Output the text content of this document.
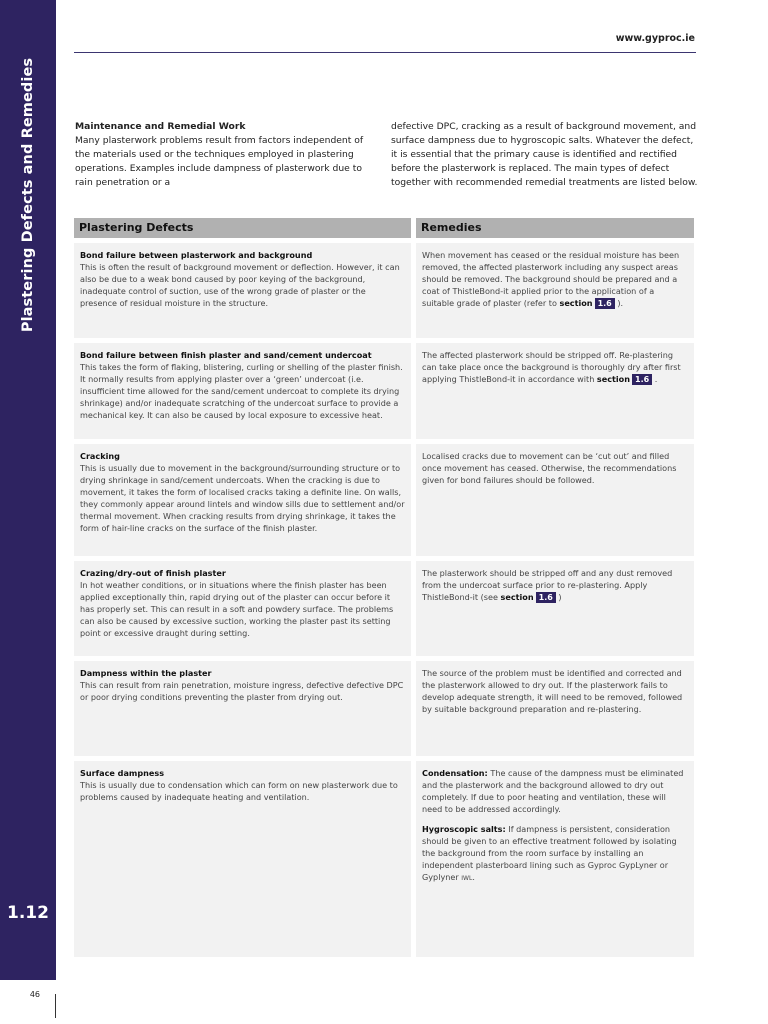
Plastering Defects and Remedies
1.12
46
www.gyproc.ie
Maintenance and Remedial Work
Many plasterwork problems result from factors independent of the materials used or the techniques employed in plastering operations. Examples include dampness of plasterwork due to rain penetration or a
defective DPC, cracking as a result of background movement, and surface dampness due to hygroscopic salts. Whatever the defect, it is essential that the primary cause is identified and rectified before the plasterwork is replaced. The main types of defect together with recommended remedial treatments are listed below.
Plastering Defects	Remedies
Bond failure between plasterwork and background
This is often the result of background movement or deflection. However, it can also be due to a weak bond caused by poor keying of the background, inadequate control of suction, use of the wrong grade of plaster or the presence of residual moisture in the structure.
When movement has ceased or the residual moisture has been removed, the affected plasterwork including any suspect areas should be removed. The background should be prepared and a coat of ThistleBond-it applied prior to the application of a suitable grade of plaster (refer to section 1.6 ).
Bond failure between finish plaster and sand/cement undercoat
This takes the form of flaking, blistering, curling or shelling of the plaster finish. It normally results from applying plaster over a ‘green’ undercoat (i.e. insufficient time allowed for the sand/cement undercoat to complete its drying shrinkage) and/or inadequate scratching of the undercoat surface to provide a mechanical key. It can also be caused by local exposure to excessive heat.
The affected plasterwork should be stripped off. Re-plastering can take place once the background is thoroughly dry after first applying ThistleBond-it in accordance with section 1.6 .
Cracking
This is usually due to movement in the background/surrounding structure or to drying shrinkage in sand/cement undercoats. When the cracking is due to movement, it takes the form of localised cracks taking a definite line. On walls, they commonly appear around lintels and window sills due to settlement and/or thermal movement. When cracking results from drying shrinkage, it takes the form of hair-line cracks on the surface of the finish plaster.
Localised cracks due to movement can be ‘cut out’ and filled once movement has ceased. Otherwise, the recommendations given for bond failures should be followed.
Crazing/dry-out of finish plaster
In hot weather conditions, or in situations where the finish plaster has been applied exceptionally thin, rapid drying out of the plaster can occur before it has properly set. This can result in a soft and powdery surface. The problems can also be caused by excessive suction, working the plaster past its setting point or excessive draught during setting.
The plasterwork should be stripped off and any dust removed from the undercoat surface prior to re-plastering. Apply ThistleBond-it (see section 1.6 )
Dampness within the plaster
This can result from rain penetration, moisture ingress, defective defective DPC or poor drying conditions preventing the plaster from drying out.
The source of the problem must be identified and corrected and the plasterwork allowed to dry out. If the plasterwork fails to develop adequate strength, it will need to be removed, followed by suitable background preparation and re-plastering.
Surface dampness
This is usually due to condensation which can form on new plasterwork due to problems caused by inadequate heating and ventilation.
Condensation: The cause of the dampness must be eliminated and the plasterwork and the background allowed to dry out completely. If due to poor heating and ventilation, these will need to be addressed accordingly.
Hygroscopic salts: If dampness is persistent, consideration should be given to an effective treatment followed by isolating the background from the room surface by installing an independent plasterboard lining such as Gyproc GypLyner or Gyplyner IWL.
